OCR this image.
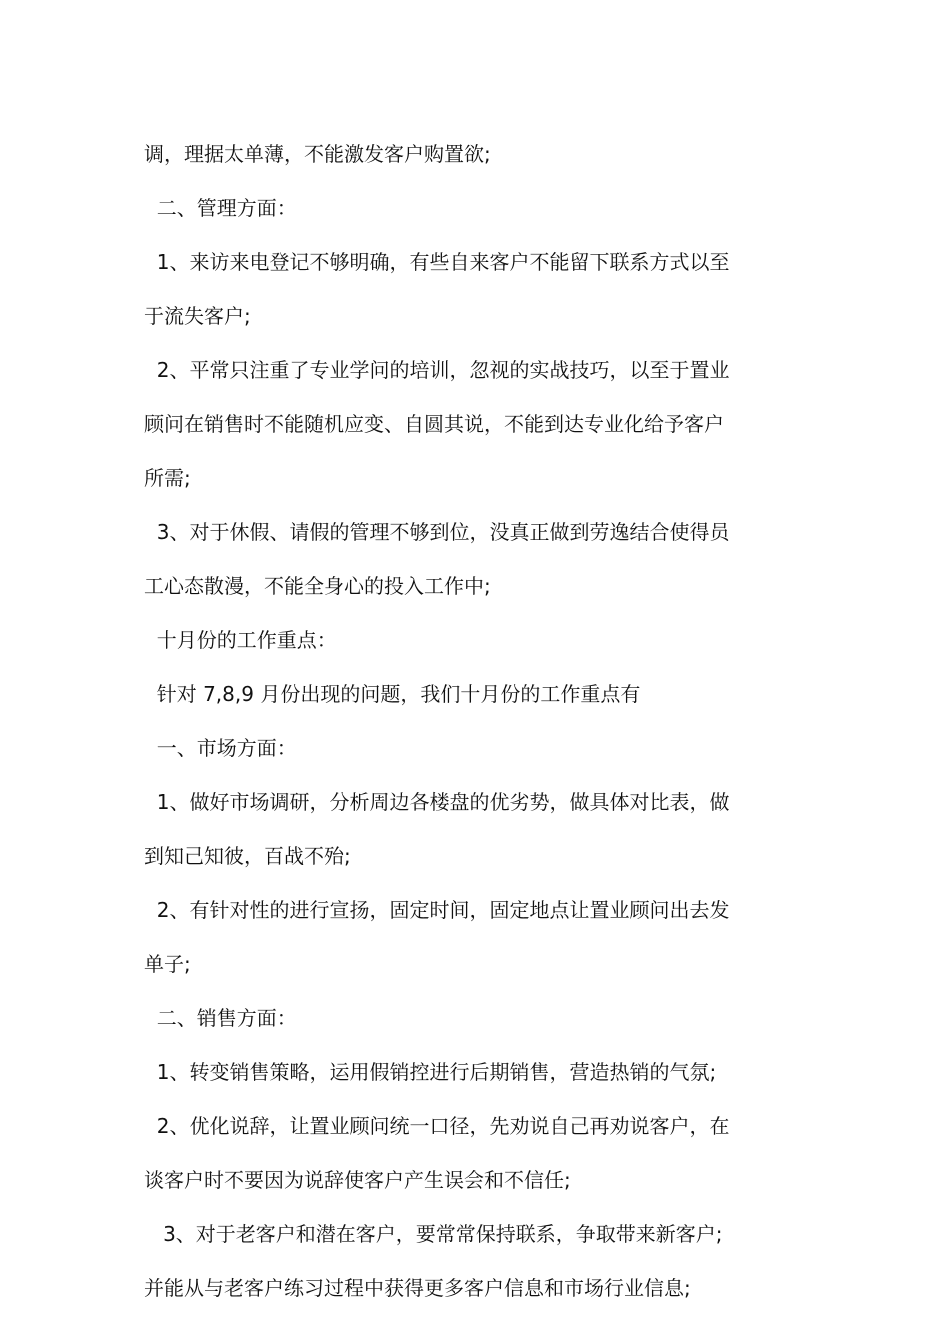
调，理据太单薄，不能激发客户购置欲;
二、管理方面：
1、来访来电登记不够明确，有些自来客户不能留下联系方式以至
于流失客户;
2、平常只注重了专业学问的培训，忽视的实战技巧，以至于置业
顾问在销售时不能随机应变、自圆其说，不能到达专业化给予客户
所需;
3、对于休假、请假的管理不够到位，没真正做到劳逸结合使得员
工心态散漫，不能全身心的投入工作中;
十月份的工作重点：
针对 7,8,9 月份出现的问题，我们十月份的工作重点有
一、市场方面：
1、做好市场调研，分析周边各楼盘的优劣势，做具体对比表，做
到知己知彼，百战不殆;
2、有针对性的进行宣扬，固定时间，固定地点让置业顾问出去发
单子;
二、销售方面：
1、转变销售策略，运用假销控进行后期销售，营造热销的气氛;
2、优化说辞，让置业顾问统一口径，先劝说自己再劝说客户，在
谈客户时不要因为说辞使客户产生误会和不信任;
3、对于老客户和潜在客户，要常常保持联系，争取带来新客户;
并能从与老客户练习过程中获得更多客户信息和市场行业信息;
